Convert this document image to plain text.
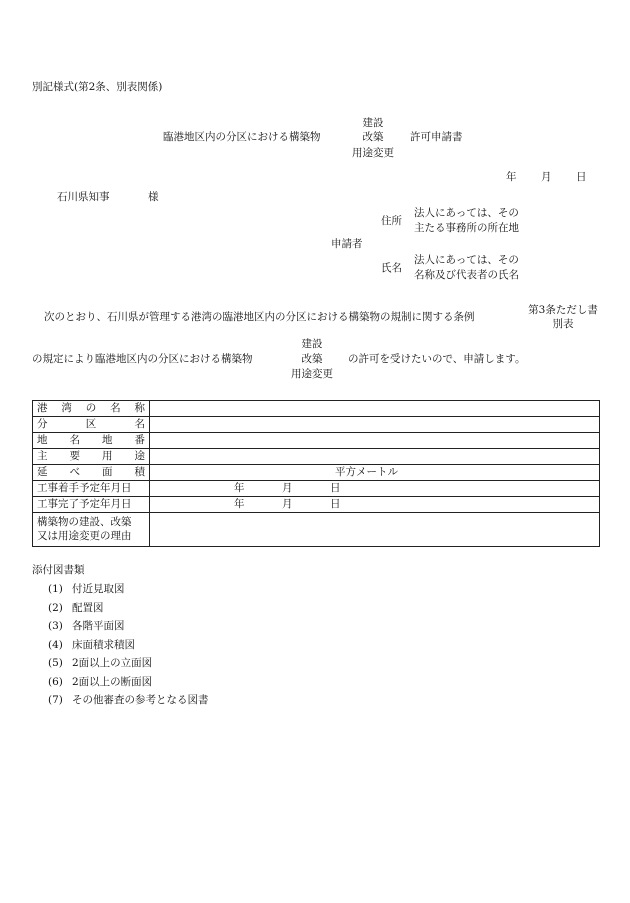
別記様式(第2条、別表関係)
建設
臨港地区内の分区における構築物	改築	許可申請書
用途変更
年 月 日
石川県知事	様
法人にあっては、その
住所
主たる事務所の所在地
申請者
法人にあっては、その
氏名
名称及び代表者の氏名
第3条ただし書
次のとおり、石川県が管理する港湾の臨港地区内の分区における構築物の規制に関する条例
別表
建設
の規定により臨港地区内の分区における構築物	改築	の許可を受けたいので、申請します。
用途変更
港 湾 の 名 称	

分 区 名	

地 名 地 番	

主 要 用 途	

延 べ 面 積	平方メートル
工事着手予定年月日	年 月 日

工事完了予定年月日	年 月 日

構築物の建設、改築
又は用途変更の理由	

添付図書類
(1) 付近見取図
(2) 配置図
(3) 各階平面図
(4) 床面積求積図
(5) 2面以上の立面図
(6) 2面以上の断面図
(7) その他審査の参考となる図書
